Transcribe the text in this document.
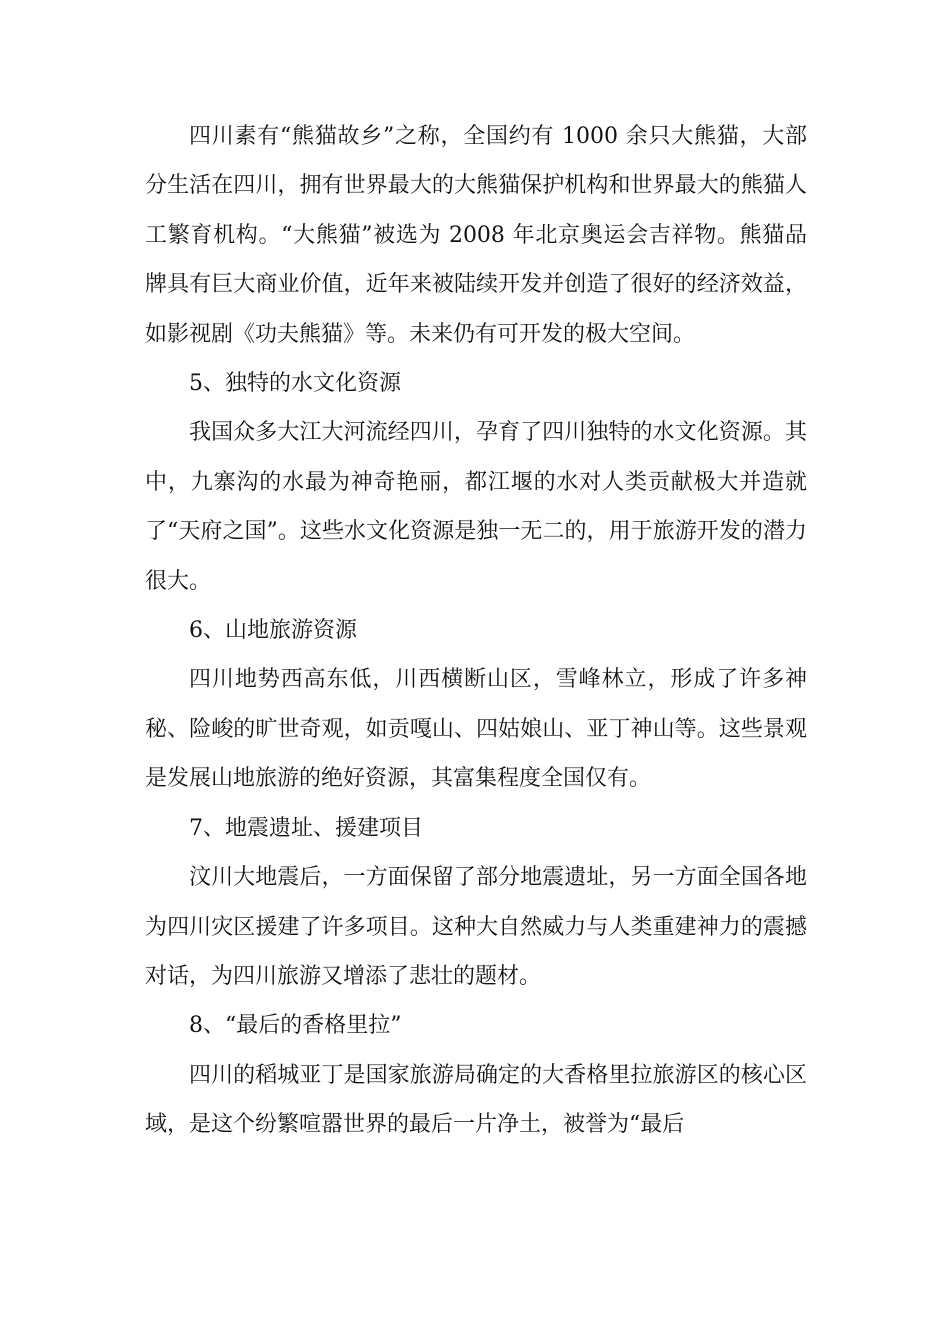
四川素有“熊猫故乡”之称，全国约有 1000 余只大熊猫，大部分生活在四川，拥有世界最大的大熊猫保护机构和世界最大的熊猫人工繁育机构。“大熊猫”被选为 2008 年北京奥运会吉祥物。熊猫品牌具有巨大商业价值，近年来被陆续开发并创造了很好的经济效益，如影视剧《功夫熊猫》等。未来仍有可开发的极大空间。

5、独特的水文化资源

我国众多大江大河流经四川，孕育了四川独特的水文化资源。其中，九寨沟的水最为神奇艳丽，都江堰的水对人类贡献极大并造就了“天府之国”。这些水文化资源是独一无二的，用于旅游开发的潜力很大。

6、山地旅游资源

四川地势西高东低，川西横断山区，雪峰林立，形成了许多神秘、险峻的旷世奇观，如贡嘎山、四姑娘山、亚丁神山等。这些景观是发展山地旅游的绝好资源，其富集程度全国仅有。

7、地震遗址、援建项目

汶川大地震后，一方面保留了部分地震遗址，另一方面全国各地为四川灾区援建了许多项目。这种大自然威力与人类重建神力的震撼对话，为四川旅游又增添了悲壮的题材。

8、“最后的香格里拉”

四川的稻城亚丁是国家旅游局确定的大香格里拉旅游区的核心区域，是这个纷繁喧嚣世界的最后一片净土，被誉为“最后
